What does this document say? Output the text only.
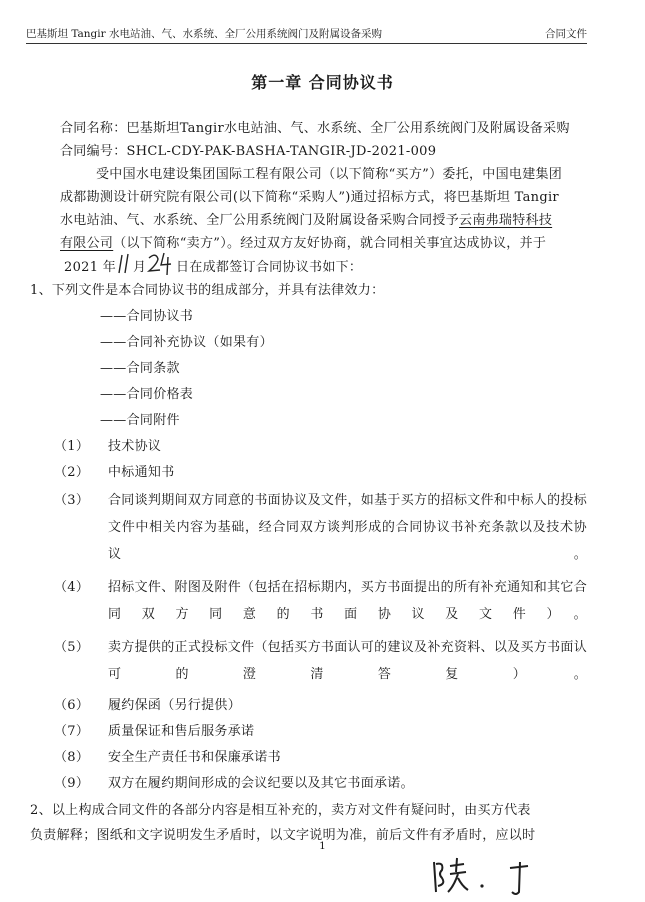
巴基斯坦 Tangir 水电站油、气、水系统、全厂公用系统阀门及附属设备采购	合同文件
第一章 合同协议书
合同名称：巴基斯坦Tangir水电站油、气、水系统、全厂公用系统阀门及附属设备采购
合同编号：SHCL-CDY-PAK-BASHA-TANGIR-JD-2021-009
受中国水电建设集团国际工程有限公司（以下简称“买方”）委托，中国电建集团
成都勘测设计研究院有限公司(以下简称“采购人”)通过招标方式，将巴基斯坦 Tangir
水电站油、气、水系统、全厂公用系统阀门及附属设备采购合同授予云南弗瑞特科技
有限公司（以下简称“卖方”）。经过双方友好协商，就合同相关事宜达成协议，并于
2021 年 月 日在成都签订合同协议书如下：
1、下列文件是本合同协议书的组成部分，并具有法律效力：
——合同协议书
——合同补充协议（如果有）
——合同条款
——合同价格表
——合同附件
（1）	技术协议
（2）	中标通知书
（3）	合同谈判期间双方同意的书面协议及文件，如基于买方的招标文件和中标人的投标文件中相关内容为基础，经合同双方谈判形成的合同协议书补充条款以及技术协议。
（4）	招标文件、附图及附件（包括在招标期内，买方书面提出的所有补充通知和其它合同双方同意的书面协议及文件）。
（5）	卖方提供的正式投标文件（包括买方书面认可的建议及补充资料、以及买方书面认可的澄清答复）。
（6）	履约保函（另行提供）
（7）	质量保证和售后服务承诺
（8）	安全生产责任书和保廉承诺书
（9）	双方在履约期间形成的会议纪要以及其它书面承诺。
2、以上构成合同文件的各部分内容是相互补充的，卖方对文件有疑问时，由买方代表
负责解释；图纸和文字说明发生矛盾时，以文字说明为准，前后文件有矛盾时，应以时
1
